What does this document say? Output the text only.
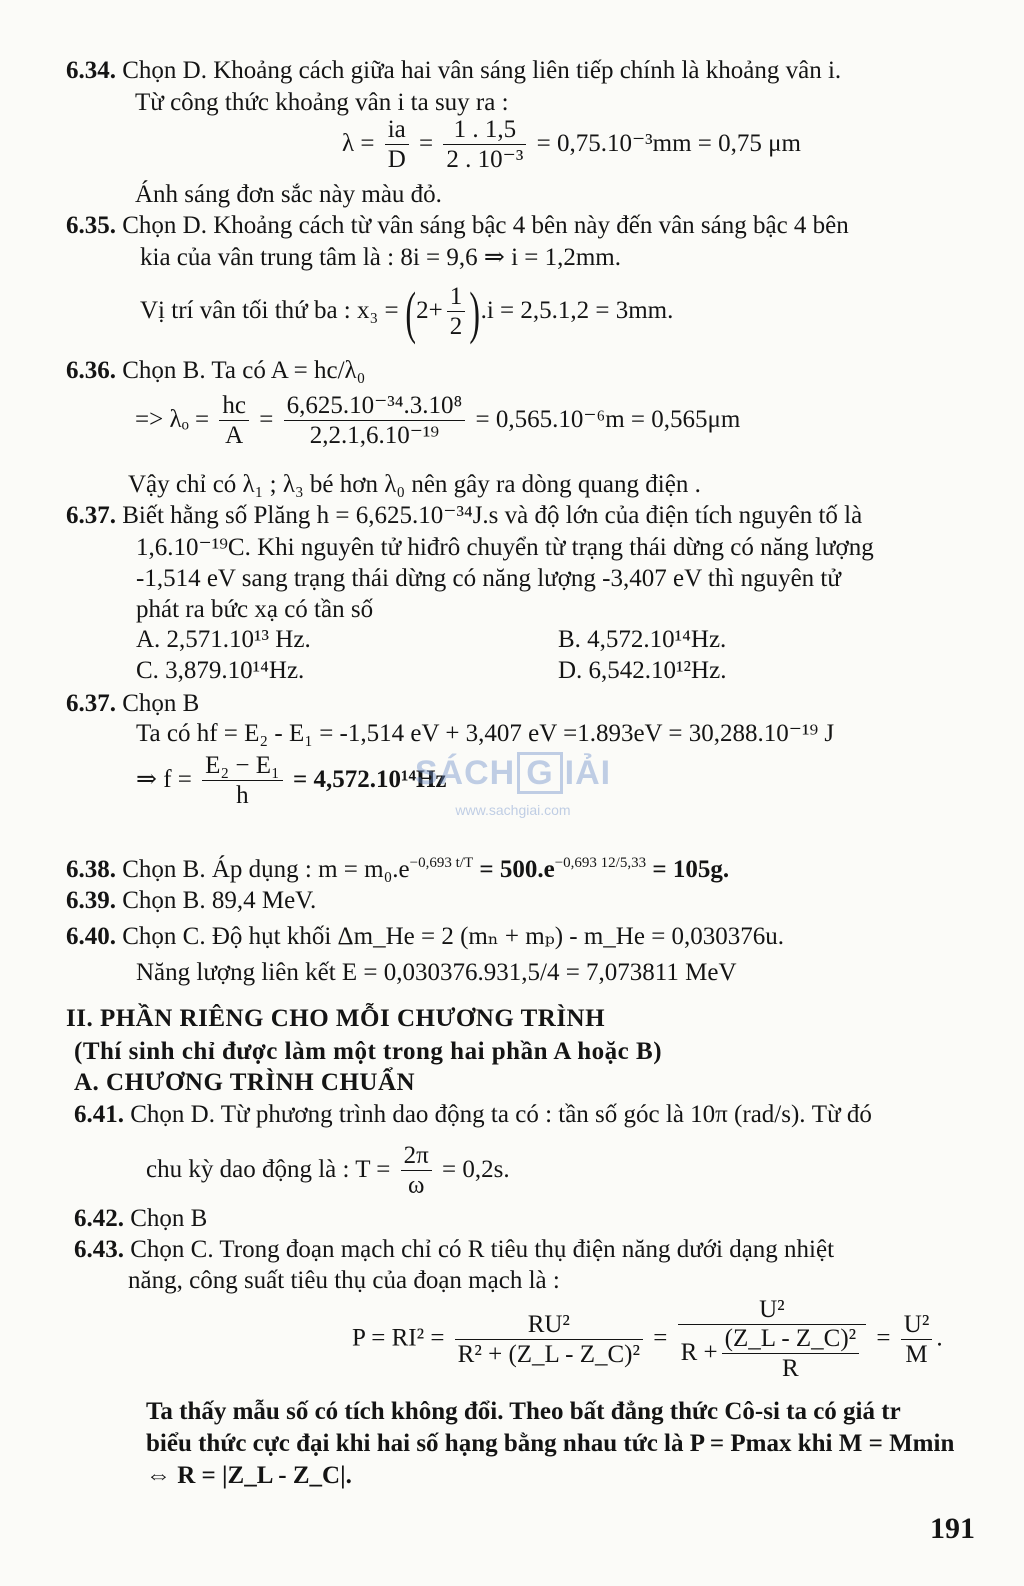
6.34. Chọn D. Khoảng cách giữa hai vân sáng liên tiếp chính là khoảng vân i.
Từ công thức khoảng vân i ta suy ra :
$\lambda = \frac{ia}{D} = \frac{1 . 1,5}{\text{2 . 10⁻³}} = 0,75.10^{-3}mm = 0,75$ μm
Ánh sáng đơn sắc này màu đỏ.
6.35. Chọn D. Khoảng cách từ vân sáng bậc 4 bên này đến vân sáng bậc 4 bên
kia của vân trung tâm là : 8i = 9,6 ⇒ i = 1,2mm.
Vị trí vân tối thứ ba : $x_3 = (2+ \frac{1}{2} ).i = 2,5.1,2 = 3mm$.
6.36. Chọn B. Ta có A = hc/λ₀
=> $\lambda_o = \frac{hc}{A} = \frac{\text{6,625.10⁻³⁴.3.10⁸}}{\text{2,2.1,6.10⁻¹⁹}} = 0,565.10^{-6}m = 0,565\mu m$
Vậy chỉ có λ₁ ; λ₃ bé hơn λ₀ nên gây ra dòng quang điện .
6.37. Biết hằng số Plăng h = 6,625.10⁻³⁴J.s và độ lớn của điện tích nguyên tố là
1,6.10⁻¹⁹C. Khi nguyên tử hiđrô chuyển từ trạng thái dừng có năng lượng
-1,514 eV sang trạng thái dừng có năng lượng -3,407 eV thì nguyên tử
phát ra bức xạ có tần số
A. 2,571.10¹³ Hz.	B. 4,572.10¹⁴Hz.
C. 3,879.10¹⁴Hz.	D. 6,542.10¹²Hz.
6.37. Chọn B
Ta có hf = E₂ - E₁ = -1,514 eV + 3,407 eV =1.893eV = 30,288.10⁻¹⁹ J
⇒ $f = \frac{\text{E₂ − E₁}}{h} = 4,572.10^{14}Hz$
SÁCH G IẢI
www.sachgiai.com
6.38. Chọn B. Áp dụng : $m = m_0.e^{-0,693 t/T} = 500.e^{-0,693 12/5,33} = 105g$.
6.39. Chọn B. 89,4 MeV.
6.40. Chọn C. Độ hụt khối Δm_He = 2 (mₙ + mₚ) - m_He = 0,030376u.
Năng lượng liên kết E = 0,030376.931,5/4 = 7,073811 MeV
II. PHẦN RIÊNG CHO MỖI CHƯƠNG TRÌNH
(Thí sinh chỉ được làm một trong hai phần A hoặc B)
A. CHƯƠNG TRÌNH CHUẨN
6.41. Chọn D. Từ phương trình dao động ta có : tần số góc là 10π (rad/s). Từ đó
chu kỳ dao động là : $T = \frac{2\pi}{\omega} = 0,2s$.
6.42. Chọn B
6.43. Chọn C. Trong đoạn mạch chỉ có R tiêu thụ điện năng dưới dạng nhiệt
năng, công suất tiêu thụ của đoạn mạch là :
$P = RI^2 = \frac{\text{RU²}}{\text{R² + (Z\_L - Z\_C)²}} = \frac{\text{U²}}{R + \frac{\text{(Z\_L - Z\_C)²}}{R}} = \frac{\text{U²}}{M}$ .
Ta thấy mẫu số có tích không đổi. Theo bất đẳng thức Cô-si ta có giá tr
biểu thức cực đại khi hai số hạng bằng nhau tức là P = Pmax khi M = Mmin
⇔ R = |Z_L - Z_C|.
191
